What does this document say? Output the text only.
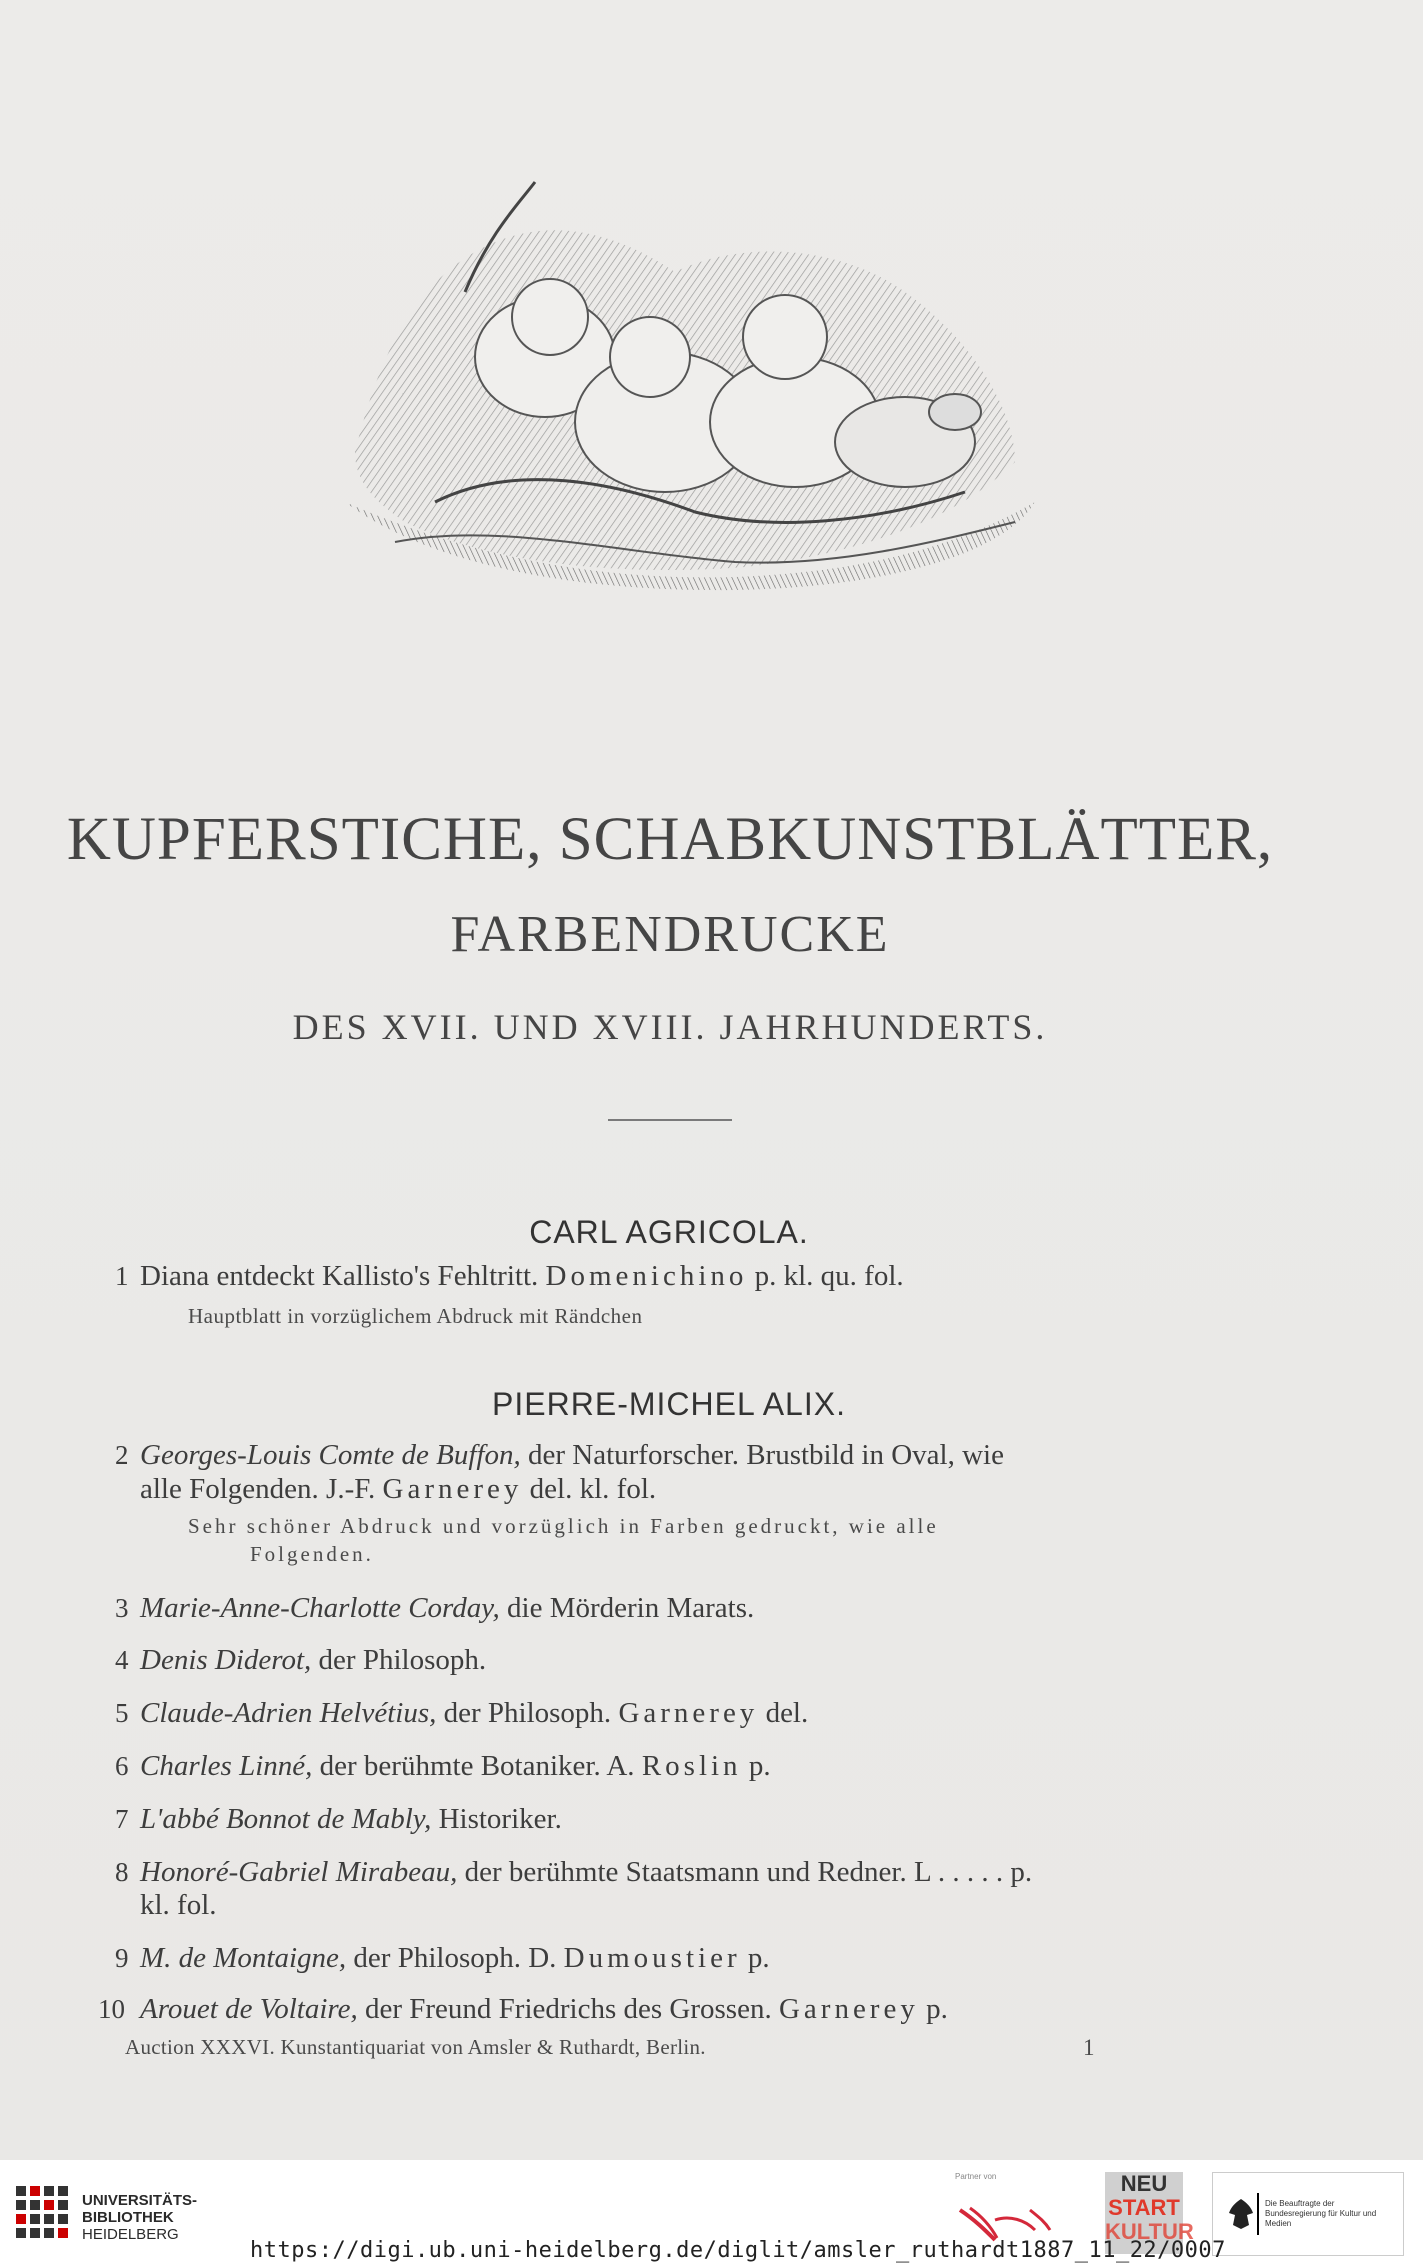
KUPFERSTICHE, SCHABKUNSTBLÄTTER,
FARBENDRUCKE
DES XVII. UND XVIII. JAHRHUNDERTS.
CARL AGRICOLA.
1 Diana entdeckt Kallisto's Fehltritt. Domenichino p. kl. qu. fol.
Hauptblatt in vorzüglichem Abdruck mit Rändchen
PIERRE-MICHEL ALIX.
2 Georges-Louis Comte de Buffon, der Naturforscher. Brustbild in Oval, wie
alle Folgenden. J.-F. Garnerey del. kl. fol.
Sehr schöner Abdruck und vorzüglich in Farben gedruckt, wie alle
Folgenden.
3 Marie-Anne-Charlotte Corday, die Mörderin Marats.
4 Denis Diderot, der Philosoph.
5 Claude-Adrien Helvétius, der Philosoph. Garnerey del.
6 Charles Linné, der berühmte Botaniker. A. Roslin p.
7 L'abbé Bonnot de Mably, Historiker.
8 Honoré-Gabriel Mirabeau, der berühmte Staatsmann und Redner. L . . . . . p.
kl. fol.
9 M. de Montaigne, der Philosoph. D. Dumoustier p.
10 Arouet de Voltaire, der Freund Friedrichs des Grossen. Garnerey p.
Auction XXXVI. Kunstantiquariat von Amsler & Ruthardt, Berlin.	1
UNIVERSITÄTS-
BIBLIOTHEK
HEIDELBERG
Partner von	NEU
START
KULTUR
Die Beauftragte der Bundesregierung für Kultur und Medien
https://digi.ub.uni-heidelberg.de/diglit/amsler_ruthardt1887_11_22/0007
